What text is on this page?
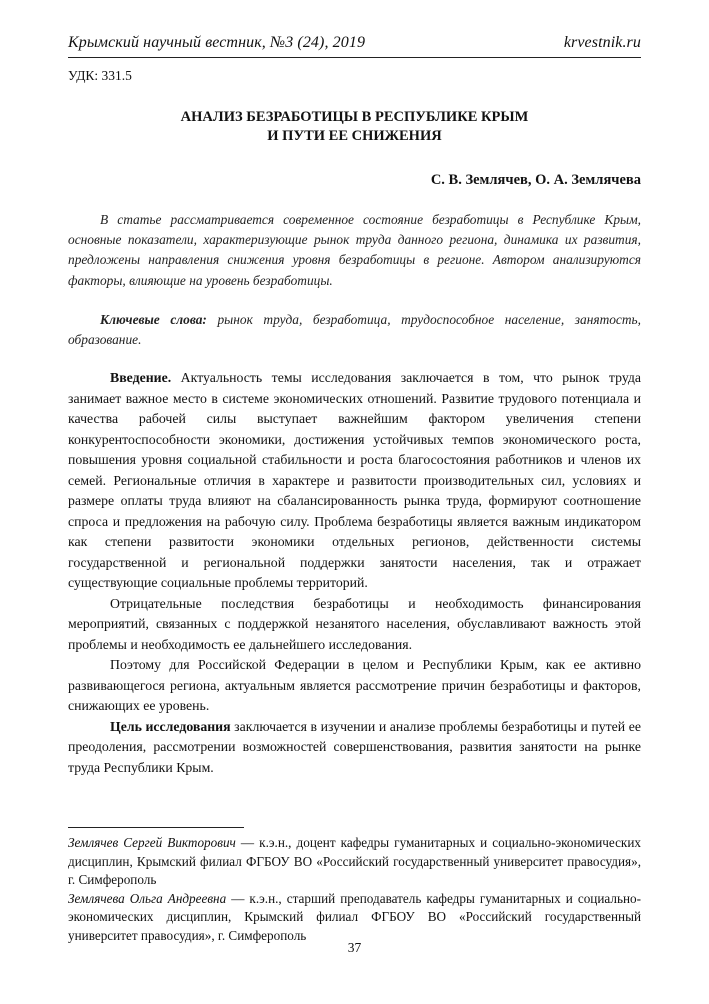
Крымский научный вестник, №3 (24), 2019	krvestnik.ru
УДК: 331.5
АНАЛИЗ БЕЗРАБОТИЦЫ В РЕСПУБЛИКЕ КРЫМ
И ПУТИ ЕЕ СНИЖЕНИЯ
С. В. Землячев, О. А. Землячева
В статье рассматривается современное состояние безработицы в Республике Крым, основные показатели, характеризующие рынок труда данного региона, динамика их развития, предложены направления снижения уровня безработицы в регионе. Автором анализируются факторы, влияющие на уровень безработицы.
Ключевые слова: рынок труда, безработица, трудоспособное население, занятость, образование.

Введение. Актуальность темы исследования заключается в том, что рынок труда занимает важное место в системе экономических отношений. Развитие трудового потенциала и качества рабочей силы выступает важнейшим фактором увеличения степени конкурентоспособности экономики, достижения устойчивых темпов экономического роста, повышения уровня социальной стабильности и роста благосостояния работников и членов их семей. Региональные отличия в характере и развитости производительных сил, условиях и размере оплаты труда влияют на сбалансированность рынка труда, формируют соотношение спроса и предложения на рабочую силу. Проблема безработицы является важным индикатором как степени развитости экономики отдельных регионов, действенности системы государственной и региональной поддержки занятости населения, так и отражает существующие социальные проблемы территорий.

Отрицательные последствия безработицы и необходимость финансирования мероприятий, связанных с поддержкой незанятого населения, обуславливают важность этой проблемы и необходимость ее дальнейшего исследования.

Поэтому для Российской Федерации в целом и Республики Крым, как ее активно развивающегося региона, актуальным является рассмотрение причин безработицы и факторов, снижающих ее уровень.

Цель исследования заключается в изучении и анализе проблемы безработицы и путей ее преодоления, рассмотрении возможностей совершенствования, развития занятости на рынке труда Республики Крым.

Землячев Сергей Викторович — к.э.н., доцент кафедры гуманитарных и социально-экономических дисциплин, Крымский филиал ФГБОУ ВО «Российский государственный университет правосудия», г. Симферополь

Землячева Ольга Андреевна — к.э.н., старший преподаватель кафедры гуманитарных и социально-экономических дисциплин, Крымский филиал ФГБОУ ВО «Российский государственный университет правосудия», г. Симферополь

37
